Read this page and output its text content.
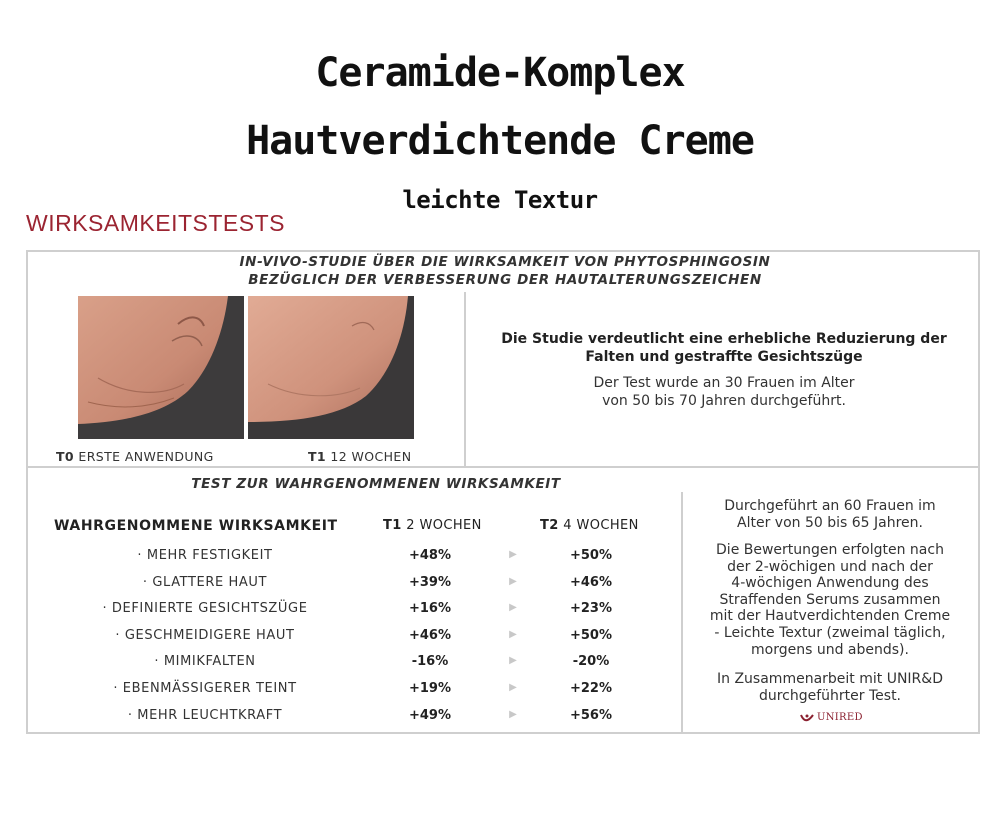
Ceramide-Komplex
Hautverdichtende Creme
leichte Textur
WIRKSAMKEITSTESTS
IN-VIVO-STUDIE ÜBER DIE WIRKSAMKEIT VON PHYTOSPHINGOSIN
BEZÜGLICH DER VERBESSERUNG DER HAUTALTERUNGSZEICHEN
T0 ERSTE ANWENDUNG	T1 12 WOCHEN
Die Studie verdeutlicht eine erhebliche Reduzierung der
Falten und gestraffte Gesichtszüge
Der Test wurde an 30 Frauen im Alter
von 50 bis 70 Jahren durchgeführt.
TEST ZUR WAHRGENOMMENEN WIRKSAMKEIT
WAHRGENOMMENE WIRKSAMKEIT	T1 2 WOCHEN	T2 4 WOCHEN
· MEHR FESTIGKEIT	+48%	▶	+50%
· GLATTERE HAUT	+39%	▶	+46%
· DEFINIERTE GESICHTSZÜGE	+16%	▶	+23%
· GESCHMEIDIGERE HAUT	+46%	▶	+50%
· MIMIKFALTEN	-16%	▶	-20%
· EBENMÄSSIGERER TEINT	+19%	▶	+22%
· MEHR LEUCHTKRAFT	+49%	▶	+56%
Durchgeführt an 60 Frauen im
Alter von 50 bis 65 Jahren.
Die Bewertungen erfolgten nach
der 2-wöchigen und nach der
4-wöchigen Anwendung des
Straffenden Serums zusammen
mit der Hautverdichtenden Creme
- Leichte Textur (zweimal täglich,
morgens und abends).
In Zusammenarbeit mit UNIR&D
durchgeführter Test.
UNIRED
